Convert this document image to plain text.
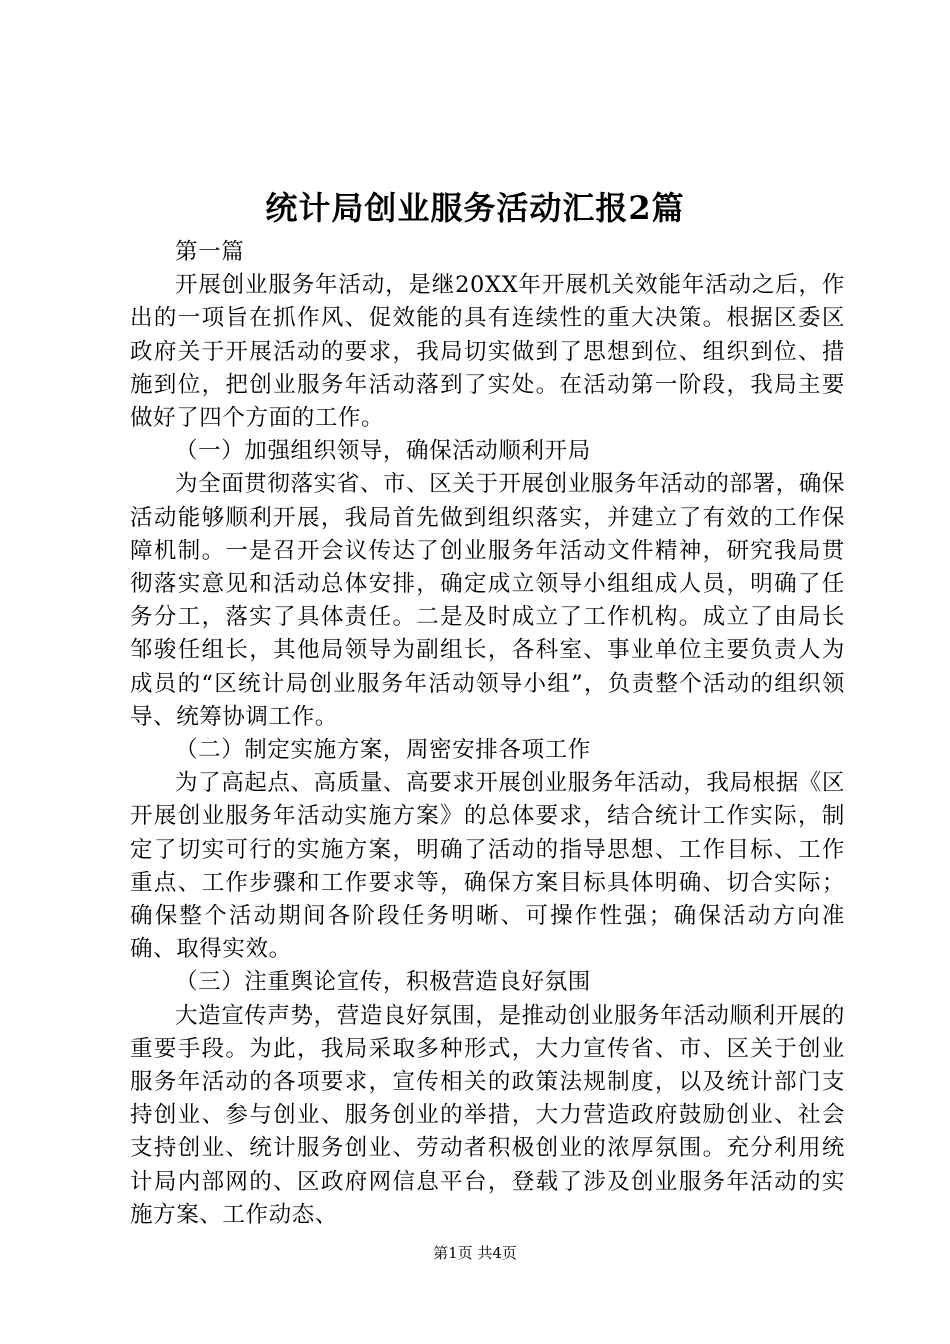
统计局创业服务活动汇报2篇

第一篇

开展创业服务年活动，是继20XX年开展机关效能年活动之后，作出的一项旨在抓作风、促效能的具有连续性的重大决策。根据区委区政府关于开展活动的要求，我局切实做到了思想到位、组织到位、措施到位，把创业服务年活动落到了实处。在活动第一阶段，我局主要做好了四个方面的工作。

（一）加强组织领导，确保活动顺利开局

为全面贯彻落实省、市、区关于开展创业服务年活动的部署，确保活动能够顺利开展，我局首先做到组织落实，并建立了有效的工作保障机制。一是召开会议传达了创业服务年活动文件精神，研究我局贯彻落实意见和活动总体安排，确定成立领导小组组成人员，明确了任务分工，落实了具体责任。二是及时成立了工作机构。成立了由局长邹骏任组长，其他局领导为副组长，各科室、事业单位主要负责人为成员的“区统计局创业服务年活动领导小组”，负责整个活动的组织领导、统筹协调工作。

（二）制定实施方案，周密安排各项工作

为了高起点、高质量、高要求开展创业服务年活动，我局根据《区开展创业服务年活动实施方案》的总体要求，结合统计工作实际，制定了切实可行的实施方案，明确了活动的指导思想、工作目标、工作重点、工作步骤和工作要求等，确保方案目标具体明确、切合实际；确保整个活动期间各阶段任务明晰、可操作性强；确保活动方向准确、取得实效。

（三）注重舆论宣传，积极营造良好氛围

大造宣传声势，营造良好氛围，是推动创业服务年活动顺利开展的重要手段。为此，我局采取多种形式，大力宣传省、市、区关于创业服务年活动的各项要求，宣传相关的政策法规制度，以及统计部门支持创业、参与创业、服务创业的举措，大力营造政府鼓励创业、社会支持创业、统计服务创业、劳动者积极创业的浓厚氛围。充分利用统计局内部网的、区政府网信息平台，登载了涉及创业服务年活动的实施方案、工作动态、

第1页 共4页
